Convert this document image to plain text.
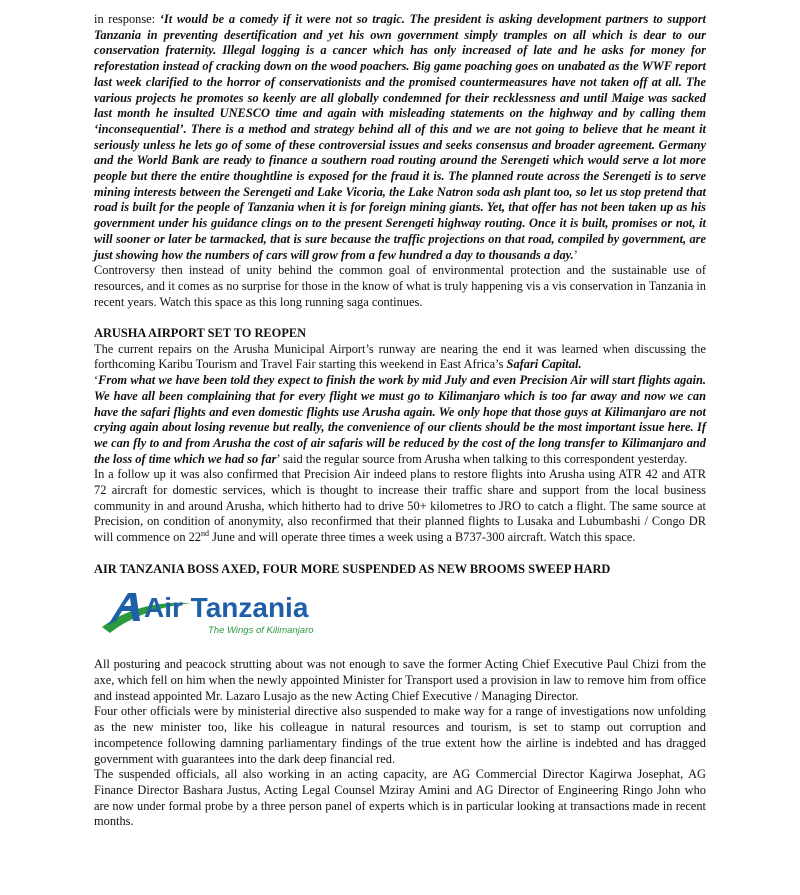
in response: ‘It would be a comedy if it were not so tragic. The president is asking development partners to support Tanzania in preventing desertification and yet his own government simply tramples on all which is dear to our conservation fraternity. Illegal logging is a cancer which has only increased of late and he asks for money for reforestation instead of cracking down on the wood poachers. Big game poaching goes on unabated as the WWF report last week clarified to the horror of conservationists and the promised countermeasures have not taken off at all. The various projects he promotes so keenly are all globally condemned for their recklessness and until Maige was sacked last month he insulted UNESCO time and again with misleading statements on the highway and by calling them ‘inconsequential’. There is a method and strategy behind all of this and we are not going to believe that he meant it seriously unless he lets go of some of these controversial issues and seeks consensus and broader agreement. Germany and the World Bank are ready to finance a southern road routing around the Serengeti which would serve a lot more people but there the entire thoughtline is exposed for the fraud it is. The planned route across the Serengeti is to serve mining interests between the Serengeti and Lake Vicoria, the Lake Natron soda ash plant too, so let us stop pretend that road is built for the people of Tanzania when it is for foreign mining giants. Yet, that offer has not been taken up as his government under his guidance clings on to the present Serengeti highway routing. Once it is built, promises or not, it will sooner or later be tarmacked, that is sure because the traffic projections on that road, compiled by government, are just showing how the numbers of cars will grow from a few hundred a day to thousands a day.’

Controversy then instead of unity behind the common goal of environmental protection and the sustainable use of resources, and it comes as no surprise for those in the know of what is truly happening vis a vis conservation in Tanzania in recent years. Watch this space as this long running saga continues.

ARUSHA AIRPORT SET TO REOPEN

The current repairs on the Arusha Municipal Airport’s runway are nearing the end it was learned when discussing the forthcoming Karibu Tourism and Travel Fair starting this weekend in East Africa’s Safari Capital.

‘From what we have been told they expect to finish the work by mid July and even Precision Air will start flights again. We have all been complaining that for every flight we must go to Kilimanjaro which is too far away and now we can have the safari flights and even domestic flights use Arusha again. We only hope that those guys at Kilimanjaro are not crying again about losing revenue but really, the convenience of our clients should be the most important issue here. If we can fly to and from Arusha the cost of air safaris will be reduced by the cost of the long transfer to Kilimanjaro and the loss of time which we had so far’ said the regular source from Arusha when talking to this correspondent yesterday.

In a follow up it was also confirmed that Precision Air indeed plans to restore flights into Arusha using ATR 42 and ATR 72 aircraft for domestic services, which is thought to increase their traffic share and support from the local business community in and around Arusha, which hitherto had to drive 50+ kilometres to JRO to catch a flight. The same source at Precision, on condition of anonymity, also reconfirmed that their planned flights to Lusaka and Lubumbashi / Congo DR will commence on 22nd June and will operate three times a week using a B737-300 aircraft. Watch this space.

AIR TANZANIA BOSS AXED, FOUR MORE SUSPENDED AS NEW BROOMS SWEEP HARD
Air Tanzania
The Wings of Kilimanjaro

All posturing and peacock strutting about was not enough to save the former Acting Chief Executive Paul Chizi from the axe, which fell on him when the newly appointed Minister for Transport used a provision in law to remove him from office and instead appointed Mr. Lazaro Lusajo as the new Acting Chief Executive / Managing Director.

Four other officials were by ministerial directive also suspended to make way for a range of investigations now unfolding as the new minister too, like his colleague in natural resources and tourism, is set to stamp out corruption and incompetence following damning parliamentary findings of the true extent how the airline is indebted and has dragged government with guarantees into the dark deep financial red.

The suspended officials, all also working in an acting capacity, are AG Commercial Director Kagirwa Josephat, AG Finance Director Bashara Justus, Acting Legal Counsel Mziray Amini and AG Director of Engineering Ringo John who are now under formal probe by a three person panel of experts which is in particular looking at transactions made in recent months.
